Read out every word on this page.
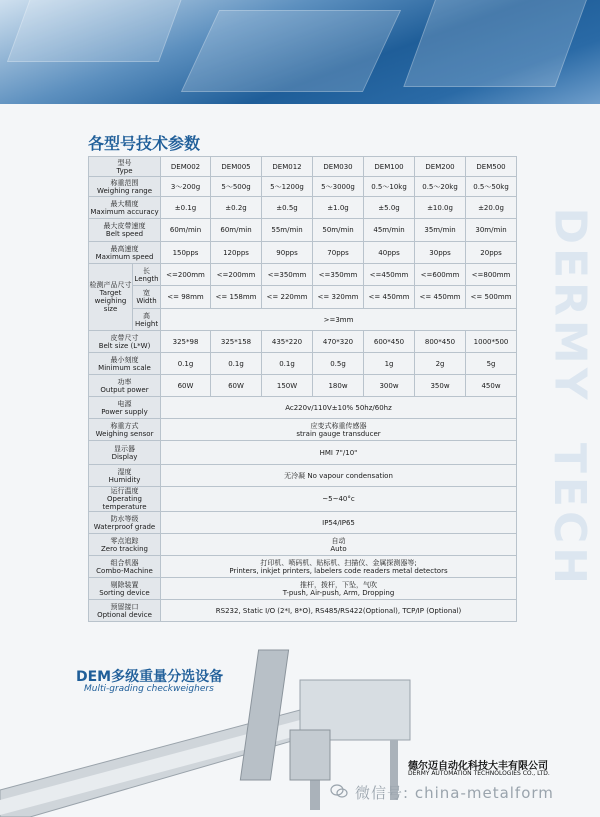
DERMY
TECH
各型号技术参数
型号
Type		DEM002	DEM005	DEM012	DEM030	DEM100	DEM200	DEM500

称重范围
Weighing range		3～200g	5～500g	5～1200g	5～3000g	0.5～10kg	0.5～20kg	0.5～50kg

最大精度
Maximum accuracy		±0.1g	±0.2g	±0.5g	±1.0g	±5.0g	±10.0g	±20.0g

最大皮带速度
Belt speed		60m/min	60m/min	55m/min	50m/min	45m/min	35m/min	30m/min

最高速度
Maximum speed		150pps	120pps	90pps	70pps	40pps	30pps	20pps

检测产品尺寸
Target weighing size	长
Length	<=200mm	<=200mm	<=350mm	<=350mm	<=450mm	<=600mm	<=800mm

	宽
Width	<= 98mm	<= 158mm	<= 220mm	<= 320mm	<= 450mm	<= 450mm	<= 500mm

	高
Height	>=3mm						

皮带尺寸
Belt size (L*W)		325*98	325*158	435*220	470*320	600*450	800*450	1000*500

最小刻度
Minimum scale		0.1g	0.1g	0.1g	0.5g	1g	2g	5g

功率
Output power		60W	60W	150W	180w	300w	350w	450w

电源
Power supply		Ac220v/110V±10% 50hz/60hz						

称重方式
Weighing sensor		应变式称重传感器
strain gauge transducer						

显示器
Display		HMI 7"/10"						

湿度
Humidity		无冷凝 No vapour condensation						

运行温度
Operating temperature		~5~40°c						

防水等级
Waterproof grade		IP54/IP65						

零点追踪
Zero tracking		自动
Auto						

组合机器
Combo-Machine		打印机、喷码机、贴标机、扫描仪、金属探测器等;
Printers, inkjet printers, labelers code readers metal detectors						

剔除装置
Sorting device		推杆，拨杆，下坠，气吹
T-push, Air-push, Arm, Dropping						

预留接口
Optional device		RS232, Static I/O (2*I, 8*O), RS485/RS422(Optional), TCP/IP (Optional)						
DEM多级重量分选设备
Multi-grading checkweighers
德尔迈自动化科技大丰有限公司
DERMY AUTOMATION TECHNOLOGIES CO., LTD.
微信号: china-metalform
